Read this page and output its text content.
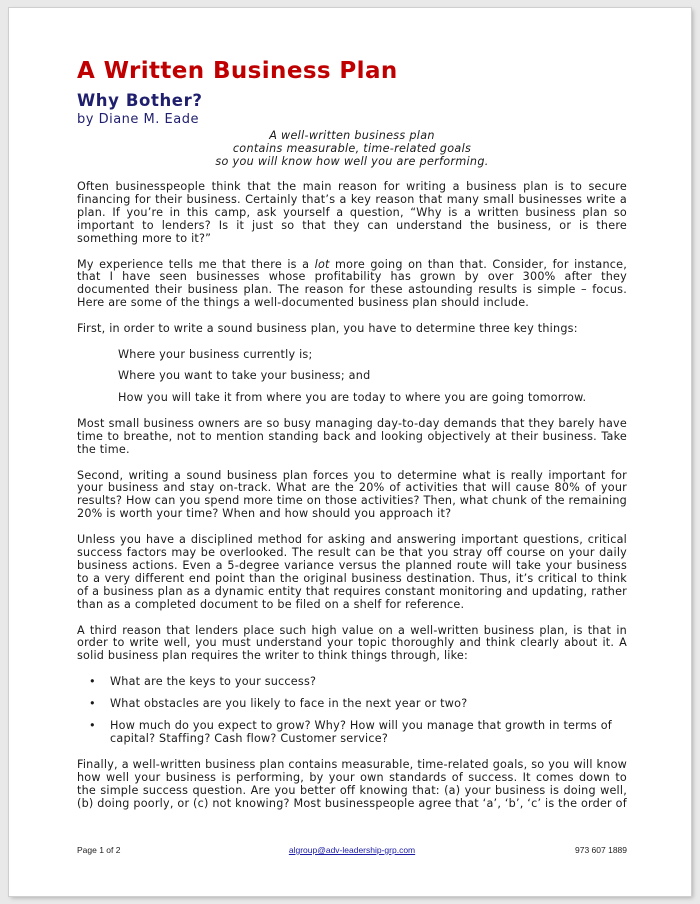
A Written Business Plan
Why Bother?

by Diane M. Eade

A well-written business plan
contains measurable, time-related goals
so you will know how well you are performing.

Often businesspeople think that the main reason for writing a business plan is to secure financing for their business. Certainly that’s a key reason that many small businesses write a plan. If you’re in this camp, ask yourself a question, “Why is a written business plan so important to lenders? Is it just so that they can understand the business, or is there something more to it?”

My experience tells me that there is a lot more going on than that. Consider, for instance, that I have seen businesses whose profitability has grown by over 300% after they documented their business plan. The reason for these astounding results is simple – focus. Here are some of the things a well-documented business plan should include.

First, in order to write a sound business plan, you have to determine three key things:

Where your business currently is;

Where you want to take your business; and

How you will take it from where you are today to where you are going tomorrow.

Most small business owners are so busy managing day-to-day demands that they barely have time to breathe, not to mention standing back and looking objectively at their business. Take the time.

Second, writing a sound business plan forces you to determine what is really important for your business and stay on-track. What are the 20% of activities that will cause 80% of your results? How can you spend more time on those activities? Then, what chunk of the remaining 20% is worth your time? When and how should you approach it?

Unless you have a disciplined method for asking and answering important questions, critical success factors may be overlooked. The result can be that you stray off course on your daily business actions. Even a 5-degree variance versus the planned route will take your business to a very different end point than the original business destination. Thus, it’s critical to think of a business plan as a dynamic entity that requires constant monitoring and updating, rather than as a completed document to be filed on a shelf for reference.

A third reason that lenders place such high value on a well-written business plan, is that in order to write well, you must understand your topic thoroughly and think clearly about it. A solid business plan requires the writer to think things through, like:

• What are the keys to your success?
• What obstacles are you likely to face in the next year or two?
• How much do you expect to grow? Why? How will you manage that growth in terms of capital? Staffing? Cash flow? Customer service?

Finally, a well-written business plan contains measurable, time-related goals, so you will know how well your business is performing, by your own standards of success. It comes down to the simple success question. Are you better off knowing that: (a) your business is doing well, (b) doing poorly, or (c) not knowing? Most businesspeople agree that ‘a’, ‘b’, ‘c’ is the order of

Page 1 of 2	algroup@adv-leadership-grp.com	973 607 1889
